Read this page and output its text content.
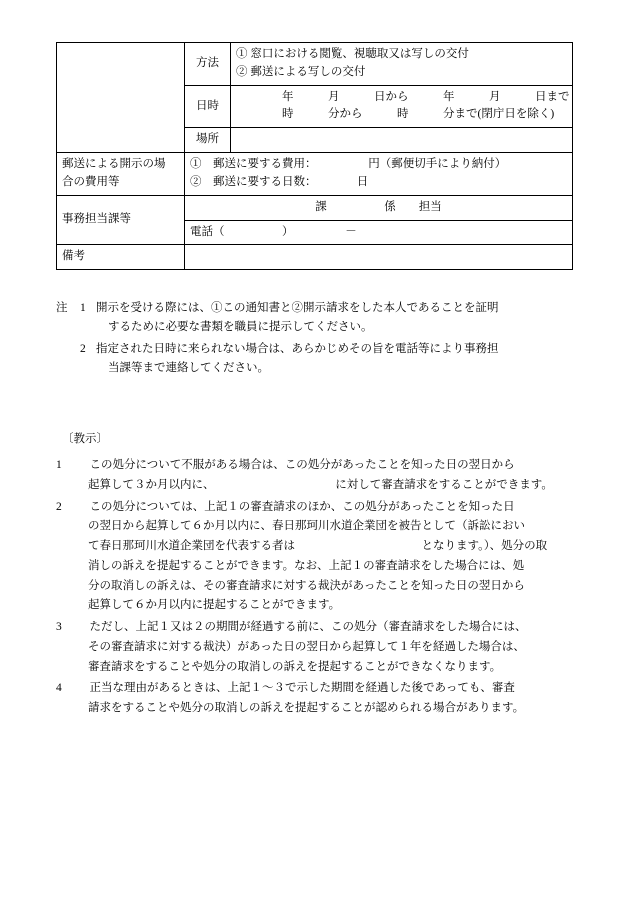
	方法	① 窓口における閲覧、視聴取又は写しの交付
② 郵送による写しの交付

	日時	　　　　年　　　月　　　日から　　　年　　　月　　　日まで
　　　　時　　　分から　　　時　　　分まで(閉庁日を除く)

	場所	

郵送による開示の場
合の費用等

①　郵送に要する費用：　　　　　円（郵便切手により納付）
②　郵送に要する日数：　　　　日

事務担当課等	課　　　　　係　　担当
電話（　　　　　）　　　　　－	

備考		
注	1 開示を受ける際には、①この通知書と②開示請求をした本人であることを証明
するために必要な書類を職員に提示してください。
2 指定された日時に来られない場合は、あらかじめその旨を電話等により事務担
当課等まで連絡してください。
〔教示〕
1	　この処分について不服がある場合は、この処分があったことを知った日の翌日から
起算して３か月以内に、　　　　　　　　　　　に対して審査請求をすることができます。
2	　この処分については、上記１の審査請求のほか、この処分があったことを知った日
の翌日から起算して６か月以内に、春日那珂川水道企業団を被告として（訴訟におい
て春日那珂川水道企業団を代表する者は　　　　　　　　　　　となります。）、処分の取
消しの訴えを提起することができます。なお、上記１の審査請求をした場合には、処
分の取消しの訴えは、その審査請求に対する裁決があったことを知った日の翌日から
起算して６か月以内に提起することができます。
3	　ただし、上記１又は２の期間が経過する前に、この処分（審査請求をした場合には、
その審査請求に対する裁決）があった日の翌日から起算して１年を経過した場合は、
審査請求をすることや処分の取消しの訴えを提起することができなくなります。
4	　正当な理由があるときは、上記１～３で示した期間を経過した後であっても、審査
請求をすることや処分の取消しの訴えを提起することが認められる場合があります。
